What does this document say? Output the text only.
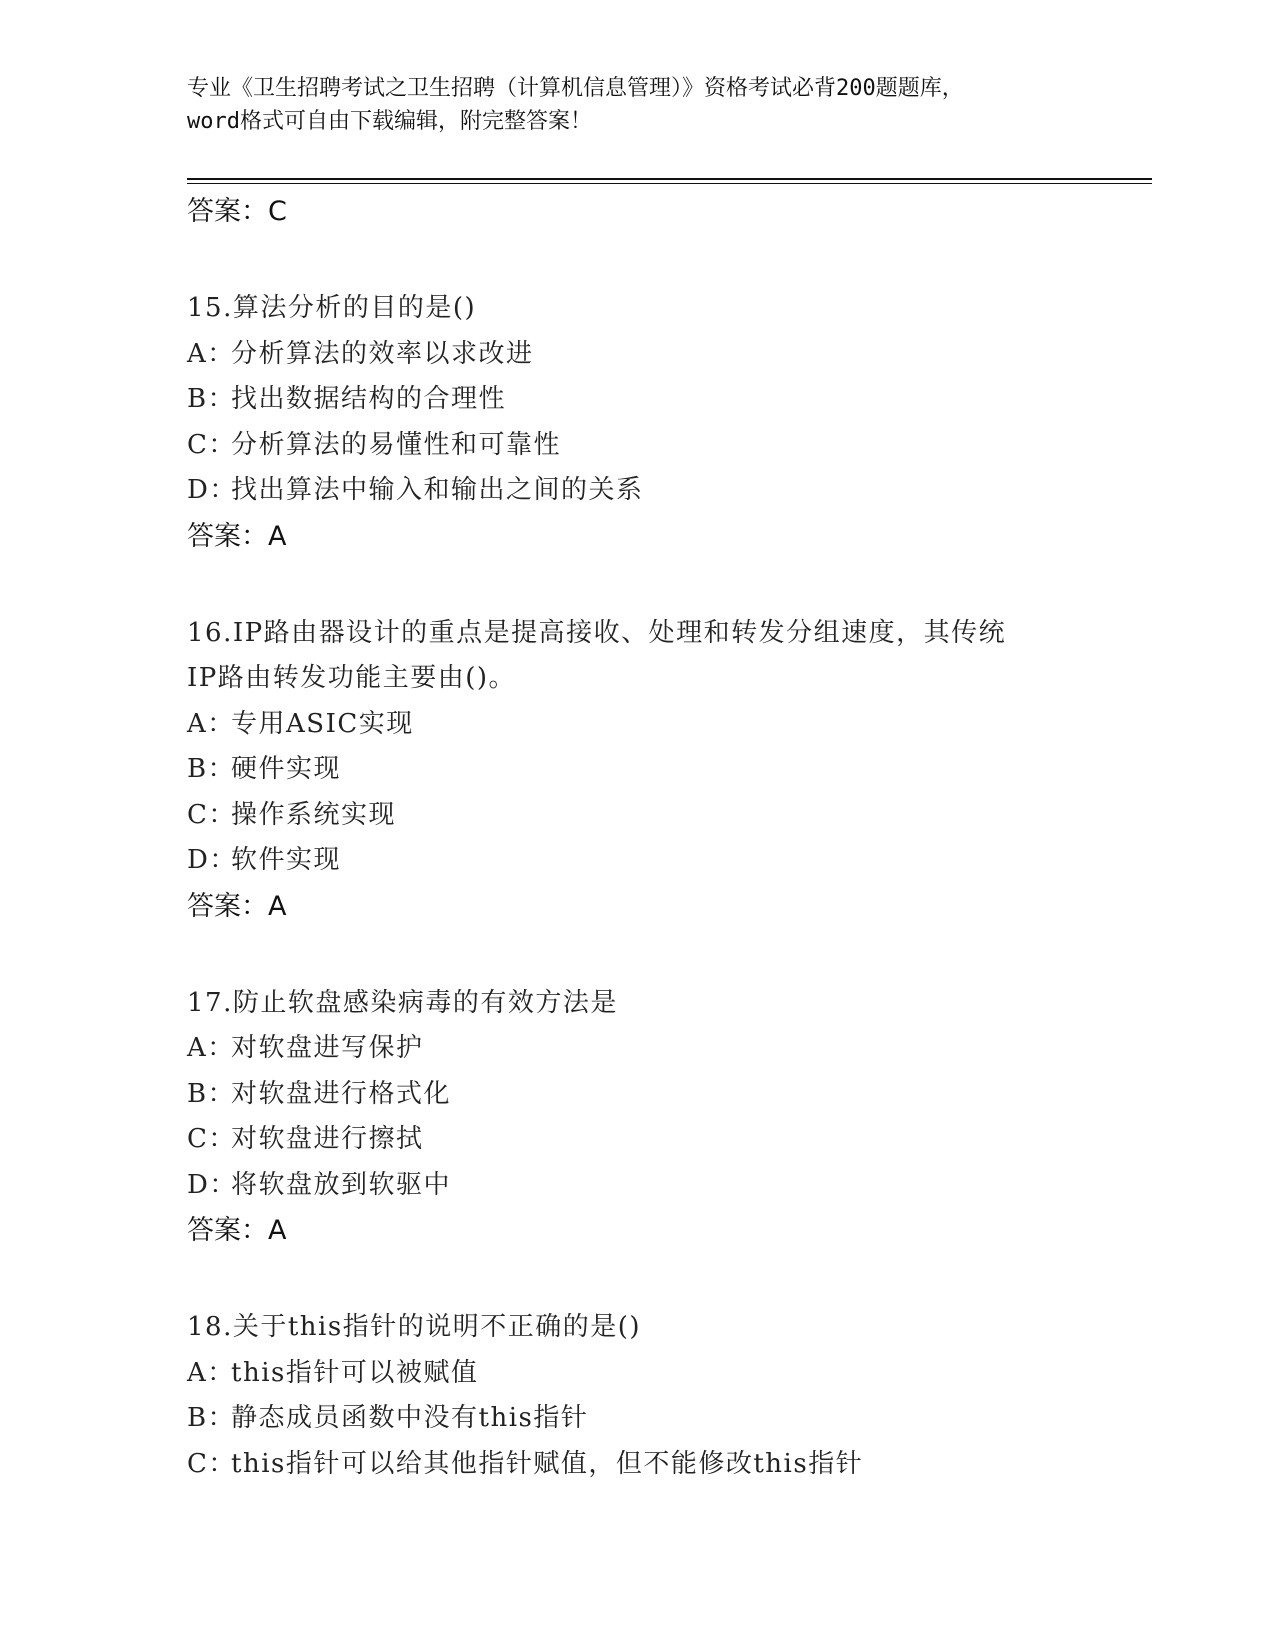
专业《卫生招聘考试之卫生招聘（计算机信息管理）》资格考试必背200题题库，
word格式可自由下载编辑，附完整答案！
答案：C
15.算法分析的目的是()
A：分析算法的效率以求改进
B：找出数据结构的合理性
C：分析算法的易懂性和可靠性
D：找出算法中输入和输出之间的关系
答案：A
16.IP路由器设计的重点是提高接收、处理和转发分组速度，其传统
IP路由转发功能主要由()。
A：专用ASIC实现
B：硬件实现
C：操作系统实现
D：软件实现
答案：A
17.防止软盘感染病毒的有效方法是
A：对软盘进写保护
B：对软盘进行格式化
C：对软盘进行擦拭
D：将软盘放到软驱中
答案：A
18.关于this指针的说明不正确的是()
A：this指针可以被赋值
B：静态成员函数中没有this指针
C：this指针可以给其他指针赋值，但不能修改this指针
